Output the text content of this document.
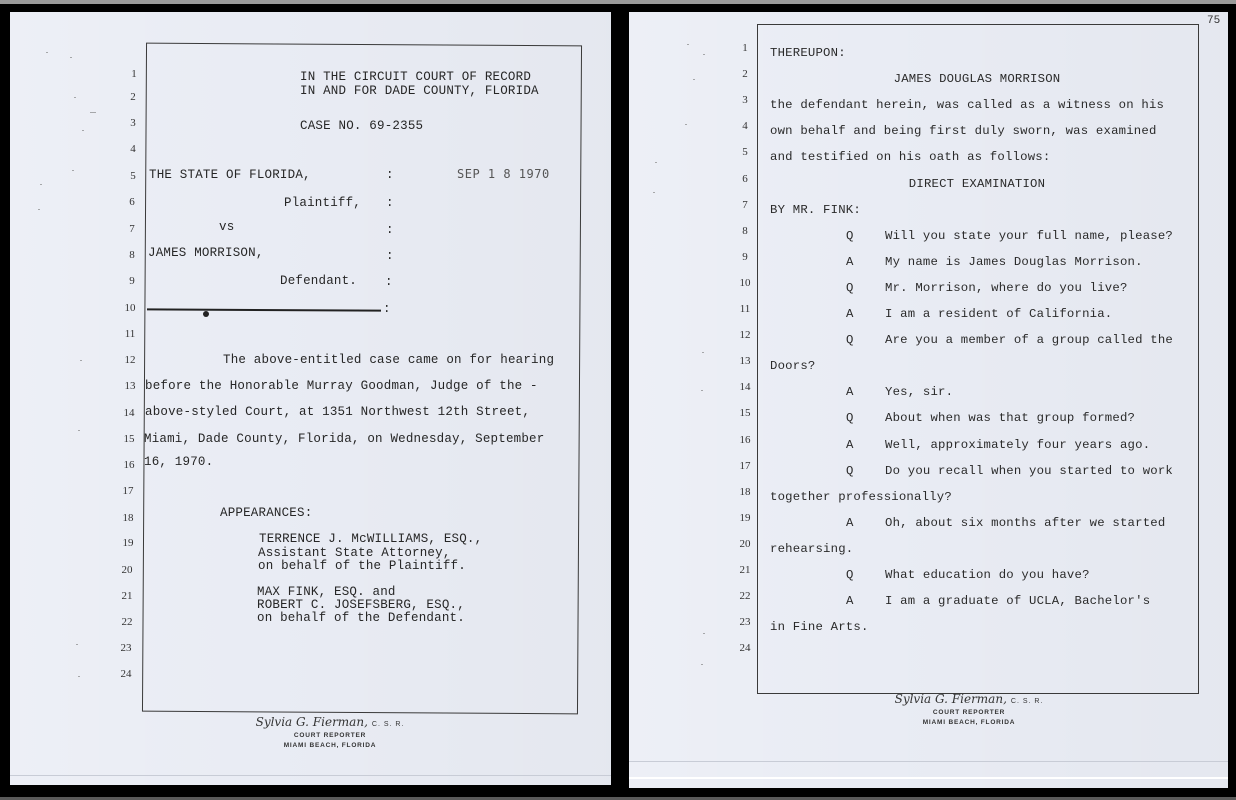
1
2
3
4
5
6
7
8
9
10
11
12
13
14
15
16
17
18
19
20
21
22
23
24
IN THE CIRCUIT COURT OF RECORD
IN AND FOR DADE COUNTY, FLORIDA
CASE NO. 69-2355
THE STATE OF FLORIDA,	:	SEP 1 8 1970
Plaintiff, :
vs	:
JAMES MORRISON,	:
Defendant. :
:
The above-entitled case came on for hearing
before the Honorable Murray Goodman, Judge of the -
above-styled Court, at 1351 Northwest 12th Street,
Miami, Dade County, Florida, on Wednesday, September
16, 1970.
APPEARANCES:
TERRENCE J. McWILLIAMS, ESQ.,
Assistant State Attorney,
on behalf of the Plaintiff.
MAX FINK, ESQ. and
ROBERT C. JOSEFSBERG, ESQ.,
on behalf of the Defendant.
Sylvia G. Fierman, C. S. R.
COURT REPORTER
MIAMI BEACH, FLORIDA
75
1
2
3
4
5
6
7
8
9
10
11
12
13
14
15
16
17
18
19
20
21
22
23
24
THEREUPON:
JAMES DOUGLAS MORRISON
the defendant herein, was called as a witness on his
own behalf and being first duly sworn, was examined
and testified on his oath as follows:
DIRECT EXAMINATION
BY MR. FINK:
Q	Will you state your full name, please?
A	My name is James Douglas Morrison.
Q	Mr. Morrison, where do you live?
A	I am a resident of California.
Q	Are you a member of a group called the
Doors?
A	Yes, sir.
Q	About when was that group formed?
A	Well, approximately four years ago.
Q	Do you recall when you started to work
together professionally?
A	Oh, about six months after we started
rehearsing.
Q	What education do you have?
A	I am a graduate of UCLA, Bachelor's
in Fine Arts.
Sylvia G. Fierman, C. S. R.
COURT REPORTER
MIAMI BEACH, FLORIDA
